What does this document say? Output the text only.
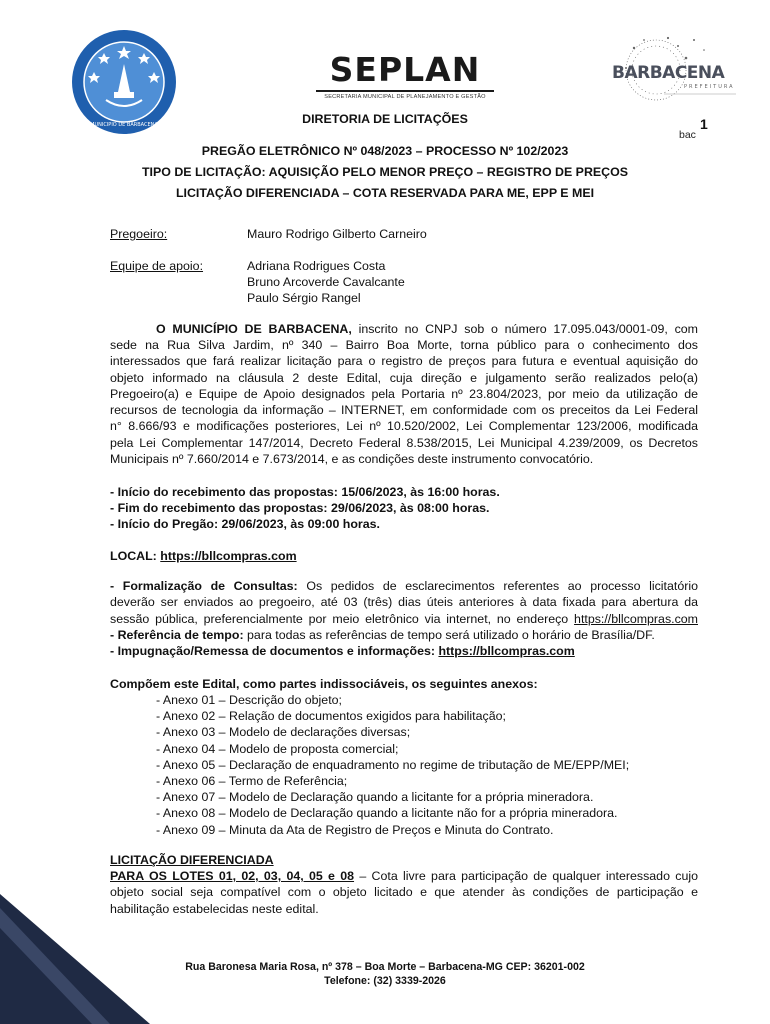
MUNICIPIO DE BARBACENA
SEPLAN
SECRETARIA MUNICIPAL DE PLANEJAMENTO E GESTÃO
BARBACENA
PREFEITURA
DIRETORIA DE LICITAÇÕES	1
bac
PREGÃO ELETRÔNICO Nº 048/2023 – PROCESSO Nº 102/2023
TIPO DE LICITAÇÃO: AQUISIÇÃO PELO MENOR PREÇO – REGISTRO DE PREÇOS
LICITAÇÃO DIFERENCIADA – COTA RESERVADA PARA ME, EPP E MEI
Pregoeiro:	Mauro Rodrigo Gilberto Carneiro
Equipe de apoio:	Adriana Rodrigues Costa
Bruno Arcoverde Cavalcante
Paulo Sérgio Rangel
O MUNICÍPIO DE BARBACENA, inscrito no CNPJ sob o número 17.095.043/0001-09, com
sede na Rua Silva Jardim, nº 340 – Bairro Boa Morte, torna público para o conhecimento dos
interessados que fará realizar licitação para o registro de preços para futura e eventual aquisição do
objeto informado na cláusula 2 deste Edital, cuja direção e julgamento serão realizados pelo(a)
Pregoeiro(a) e Equipe de Apoio designados pela Portaria nº 23.804/2023, por meio da utilização de
recursos de tecnologia da informação – INTERNET, em conformidade com os preceitos da Lei Federal
n° 8.666/93 e modificações posteriores, Lei nº 10.520/2002, Lei Complementar 123/2006, modificada
pela Lei Complementar 147/2014, Decreto Federal 8.538/2015, Lei Municipal 4.239/2009, os Decretos
Municipais nº 7.660/2014 e 7.673/2014, e as condições deste instrumento convocatório.
- Início do recebimento das propostas: 15/06/2023, às 16:00 horas.
- Fim do recebimento das propostas: 29/06/2023, às 08:00 horas.
- Início do Pregão: 29/06/2023, às 09:00 horas.
LOCAL: https://bllcompras.com
- Formalização de Consultas: Os pedidos de esclarecimentos referentes ao processo licitatório
deverão ser enviados ao pregoeiro, até 03 (três) dias úteis anteriores à data fixada para abertura da
sessão pública, preferencialmente por meio eletrônico via internet, no endereço https://bllcompras.com
- Referência de tempo: para todas as referências de tempo será utilizado o horário de Brasília/DF.
- Impugnação/Remessa de documentos e informações: https://bllcompras.com
Compõem este Edital, como partes indissociáveis, os seguintes anexos:
- Anexo 01 – Descrição do objeto;
- Anexo 02 – Relação de documentos exigidos para habilitação;
- Anexo 03 – Modelo de declarações diversas;
- Anexo 04 – Modelo de proposta comercial;
- Anexo 05 – Declaração de enquadramento no regime de tributação de ME/EPP/MEI;
- Anexo 06 – Termo de Referência;
- Anexo 07 – Modelo de Declaração quando a licitante for a própria mineradora.
- Anexo 08 – Modelo de Declaração quando a licitante não for a própria mineradora.
- Anexo 09 – Minuta da Ata de Registro de Preços e Minuta do Contrato.
LICITAÇÃO DIFERENCIADA
PARA OS LOTES 01, 02, 03, 04, 05 e 08 – Cota livre para participação de qualquer interessado cujo
objeto social seja compatível com o objeto licitado e que atender às condições de participação e
habilitação estabelecidas neste edital.
Rua Baronesa Maria Rosa, nº 378 – Boa Morte – Barbacena-MG CEP: 36201-002
Telefone: (32) 3339-2026
